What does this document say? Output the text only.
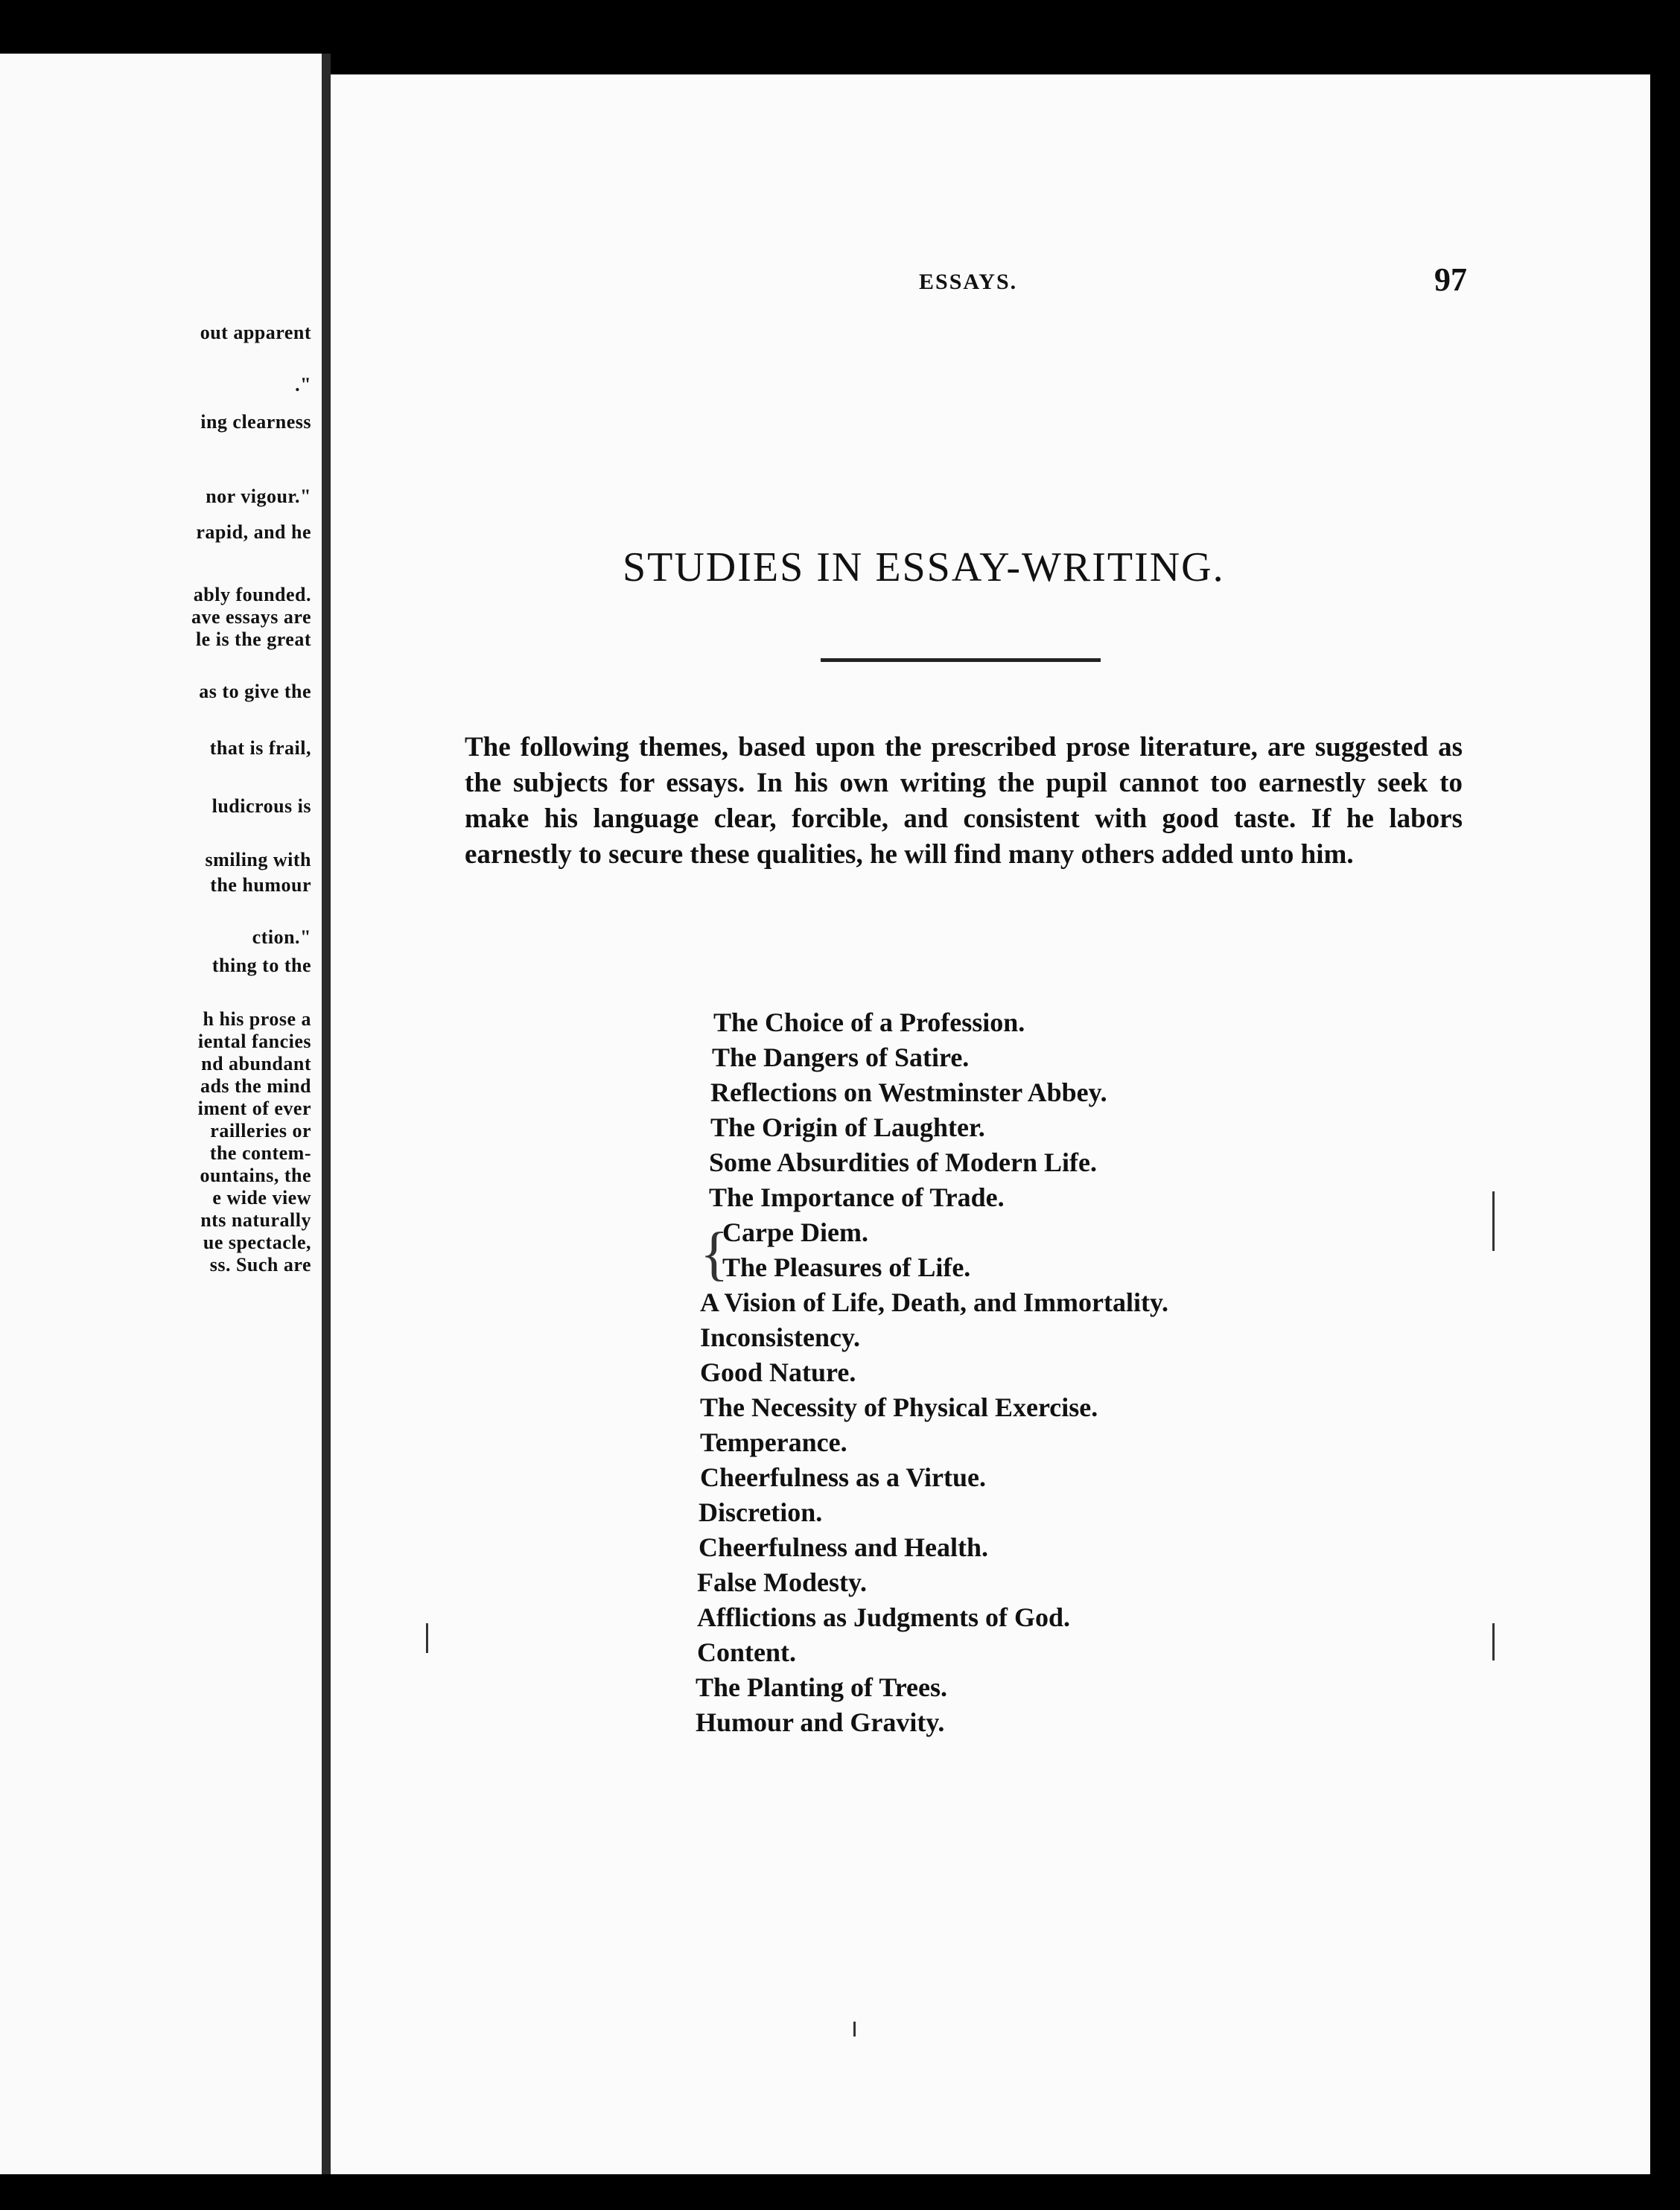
out apparent
."
ing clearness
nor vigour."
rapid, and he
ably founded.
ave essays are
le is the great
as to give the
that is frail,
ludicrous is
smiling with
the humour
ction."
thing to the
h his prose a
iental fancies
nd abundant
ads the mind
iment of ever
railleries or
the contem-
ountains, the
e wide view
nts naturally
ue spectacle,
ss. Such are
ESSAYS.	97
STUDIES IN ESSAY-WRITING.
The following themes, based upon the prescribed prose literature, are suggested as the subjects for essays. In his own writing the pupil cannot too earnestly seek to make his language clear, forcible, and consistent with good taste. If he labors earnestly to secure these qualities, he will find many others added unto him.
The Choice of a Profession.
The Dangers of Satire.
Reflections on Westminster Abbey.
The Origin of Laughter.
Some Absurdities of Modern Life.
The Importance of Trade.
Carpe Diem.
The Pleasures of Life.
A Vision of Life, Death, and Immortality.
Inconsistency.
Good Nature.
The Necessity of Physical Exercise.
Temperance.
Cheerfulness as a Virtue.
Discretion.
Cheerfulness and Health.
False Modesty.
Afflictions as Judgments of God.
Content.
The Planting of Trees.
Humour and Gravity.
{
